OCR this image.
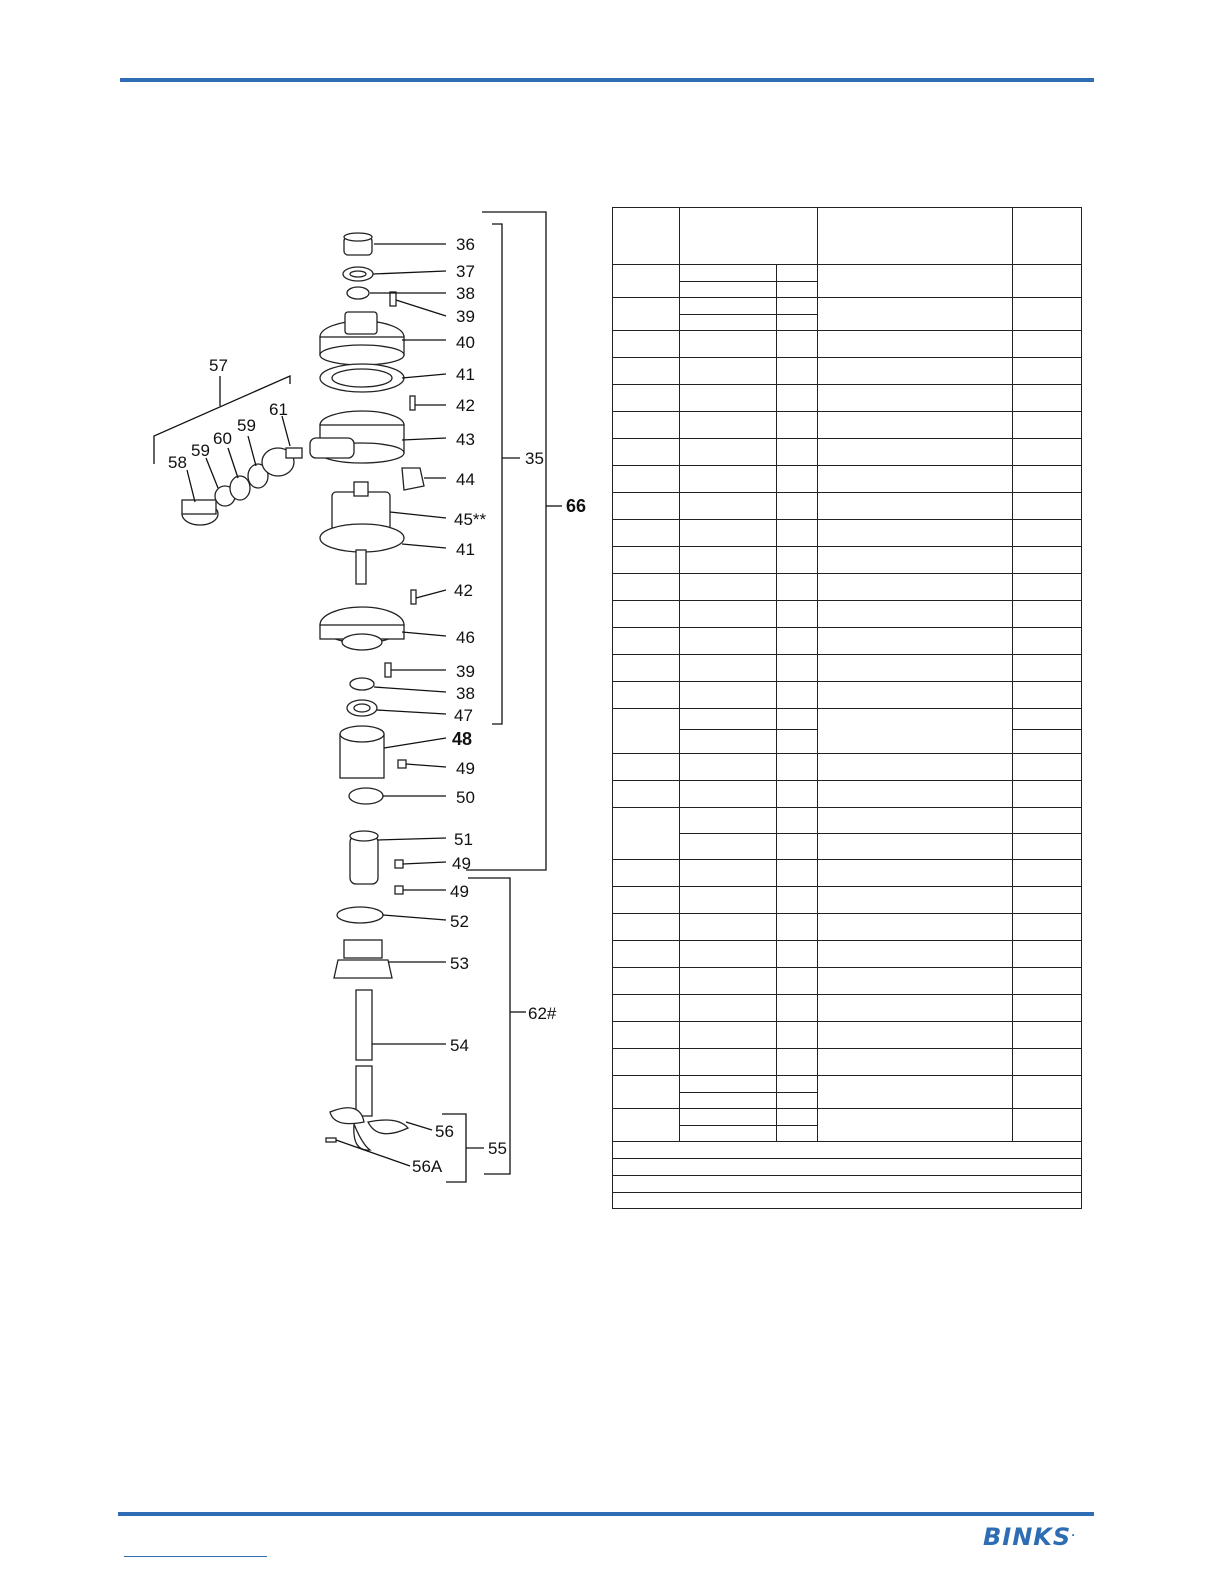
36
37
38
39
40
41
42
43
44
45**
41
42
46
39
38
47
48
49
50
51
49
49
52
53
54
56
56A
57
58
59
60
59
61
35
66
62#
55

BINKS.
